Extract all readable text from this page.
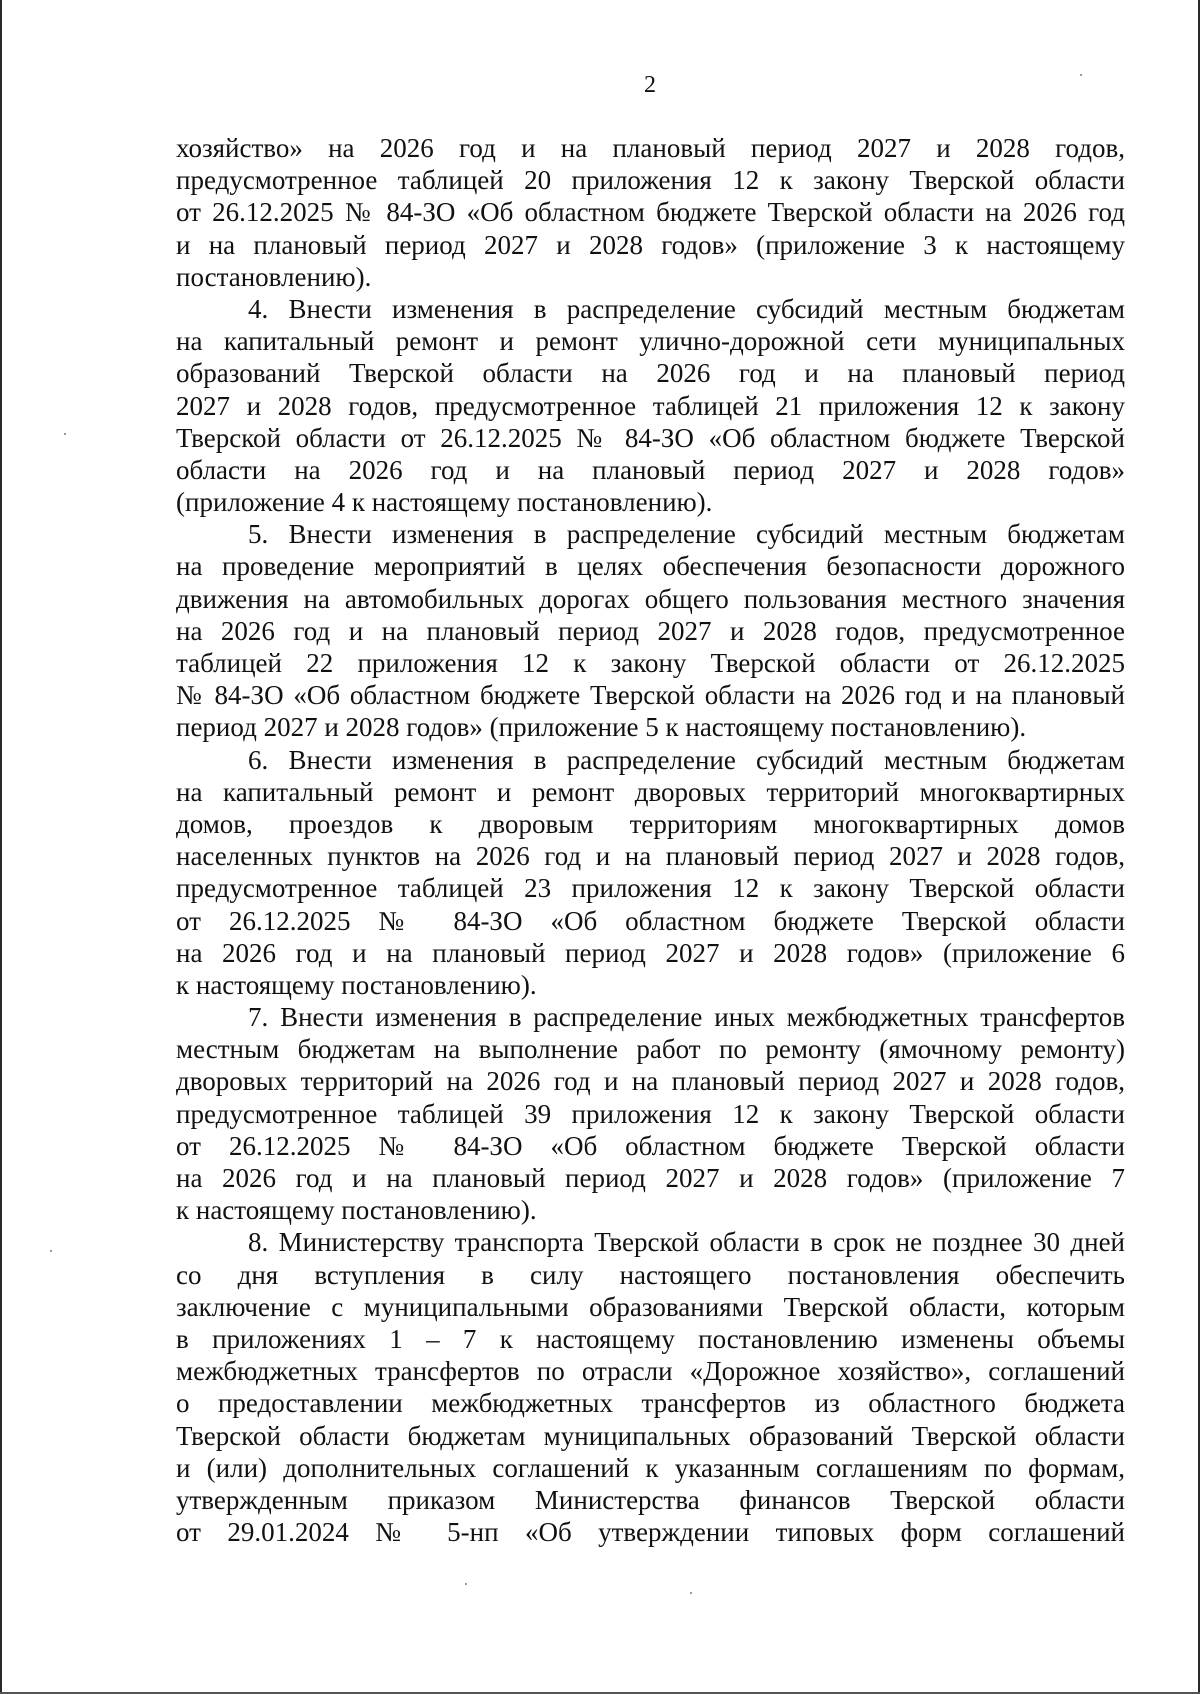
2
хозяйство» на 2026 год и на плановый период 2027 и 2028 годов,
предусмотренное таблицей 20 приложения 12 к закону Тверской области
от 26.12.2025 № 84-ЗО «Об областном бюджете Тверской области на 2026 год
и на плановый период 2027 и 2028 годов» (приложение 3 к настоящему
постановлению).
4. Внести изменения в распределение субсидий местным бюджетам
на капитальный ремонт и ремонт улично-дорожной сети муниципальных
образований Тверской области на 2026 год и на плановый период
2027 и 2028 годов, предусмотренное таблицей 21 приложения 12 к закону
Тверской области от 26.12.2025 № 84-ЗО «Об областном бюджете Тверской
области на 2026 год и на плановый период 2027 и 2028 годов»
(приложение 4 к настоящему постановлению).
5. Внести изменения в распределение субсидий местным бюджетам
на проведение мероприятий в целях обеспечения безопасности дорожного
движения на автомобильных дорогах общего пользования местного значения
на 2026 год и на плановый период 2027 и 2028 годов, предусмотренное
таблицей 22 приложения 12 к закону Тверской области от 26.12.2025
№ 84-ЗО «Об областном бюджете Тверской области на 2026 год и на плановый
период 2027 и 2028 годов» (приложение 5 к настоящему постановлению).
6. Внести изменения в распределение субсидий местным бюджетам
на капитальный ремонт и ремонт дворовых территорий многоквартирных
домов, проездов к дворовым территориям многоквартирных домов
населенных пунктов на 2026 год и на плановый период 2027 и 2028 годов,
предусмотренное таблицей 23 приложения 12 к закону Тверской области
от 26.12.2025 № 84-ЗО «Об областном бюджете Тверской области
на 2026 год и на плановый период 2027 и 2028 годов» (приложение 6
к настоящему постановлению).
7. Внести изменения в распределение иных межбюджетных трансфертов
местным бюджетам на выполнение работ по ремонту (ямочному ремонту)
дворовых территорий на 2026 год и на плановый период 2027 и 2028 годов,
предусмотренное таблицей 39 приложения 12 к закону Тверской области
от 26.12.2025 № 84-ЗО «Об областном бюджете Тверской области
на 2026 год и на плановый период 2027 и 2028 годов» (приложение 7
к настоящему постановлению).
8. Министерству транспорта Тверской области в срок не позднее 30 дней
со дня вступления в силу настоящего постановления обеспечить
заключение с муниципальными образованиями Тверской области, которым
в приложениях 1 – 7 к настоящему постановлению изменены объемы
межбюджетных трансфертов по отрасли «Дорожное хозяйство», соглашений
о предоставлении межбюджетных трансфертов из областного бюджета
Тверской области бюджетам муниципальных образований Тверской области
и (или) дополнительных соглашений к указанным соглашениям по формам,
утвержденным приказом Министерства финансов Тверской области
от 29.01.2024 № 5-нп «Об утверждении типовых форм соглашений
